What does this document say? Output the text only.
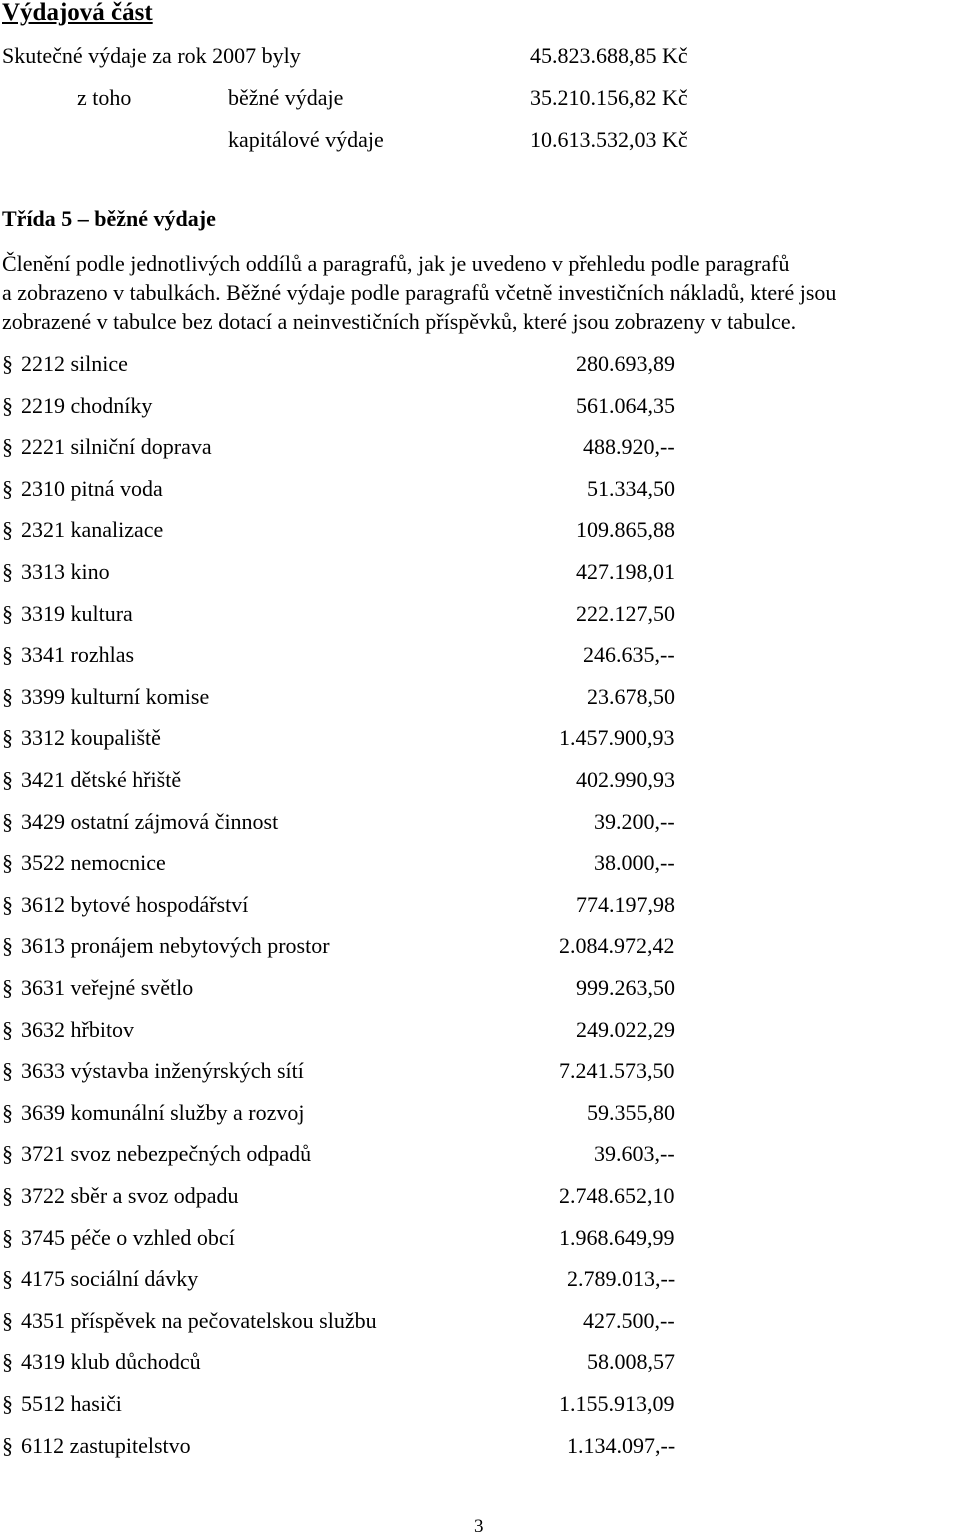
Výdajová část
Skutečné výdaje za rok 2007 byly	45.823.688,85 Kč
z toho	běžné výdaje	35.210.156,82 Kč
kapitálové výdaje	10.613.532,03 Kč
Třída 5 – běžné výdaje
Členění podle jednotlivých oddílů a paragrafů, jak je uvedeno v přehledu podle paragrafů
a zobrazeno v tabulkách. Běžné výdaje podle paragrafů včetně investičních nákladů, které jsou
zobrazené v tabulce bez dotací a neinvestičních příspěvků, které jsou zobrazeny v tabulce.
§ 2212 silnice	280.693,89
§ 2219 chodníky	561.064,35
§ 2221 silniční doprava	488.920,--
§ 2310 pitná voda	51.334,50
§ 2321 kanalizace	109.865,88
§ 3313 kino	427.198,01
§ 3319 kultura	222.127,50
§ 3341 rozhlas	246.635,--
§ 3399 kulturní komise	23.678,50
§ 3312 koupaliště	1.457.900,93
§ 3421 dětské hřiště	402.990,93
§ 3429 ostatní zájmová činnost	39.200,--
§ 3522 nemocnice	38.000,--
§ 3612 bytové hospodářství	774.197,98
§ 3613 pronájem nebytových prostor	2.084.972,42
§ 3631 veřejné světlo	999.263,50
§ 3632 hřbitov	249.022,29
§ 3633 výstavba inženýrských sítí	7.241.573,50
§ 3639 komunální služby a rozvoj	59.355,80
§ 3721 svoz nebezpečných odpadů	39.603,--
§ 3722 sběr a svoz odpadu	2.748.652,10
§ 3745 péče o vzhled obcí	1.968.649,99
§ 4175 sociální dávky	2.789.013,--
§ 4351 příspěvek na pečovatelskou službu	427.500,--
§ 4319 klub důchodců	58.008,57
§ 5512 hasiči	1.155.913,09
§ 6112 zastupitelstvo	1.134.097,--
3
